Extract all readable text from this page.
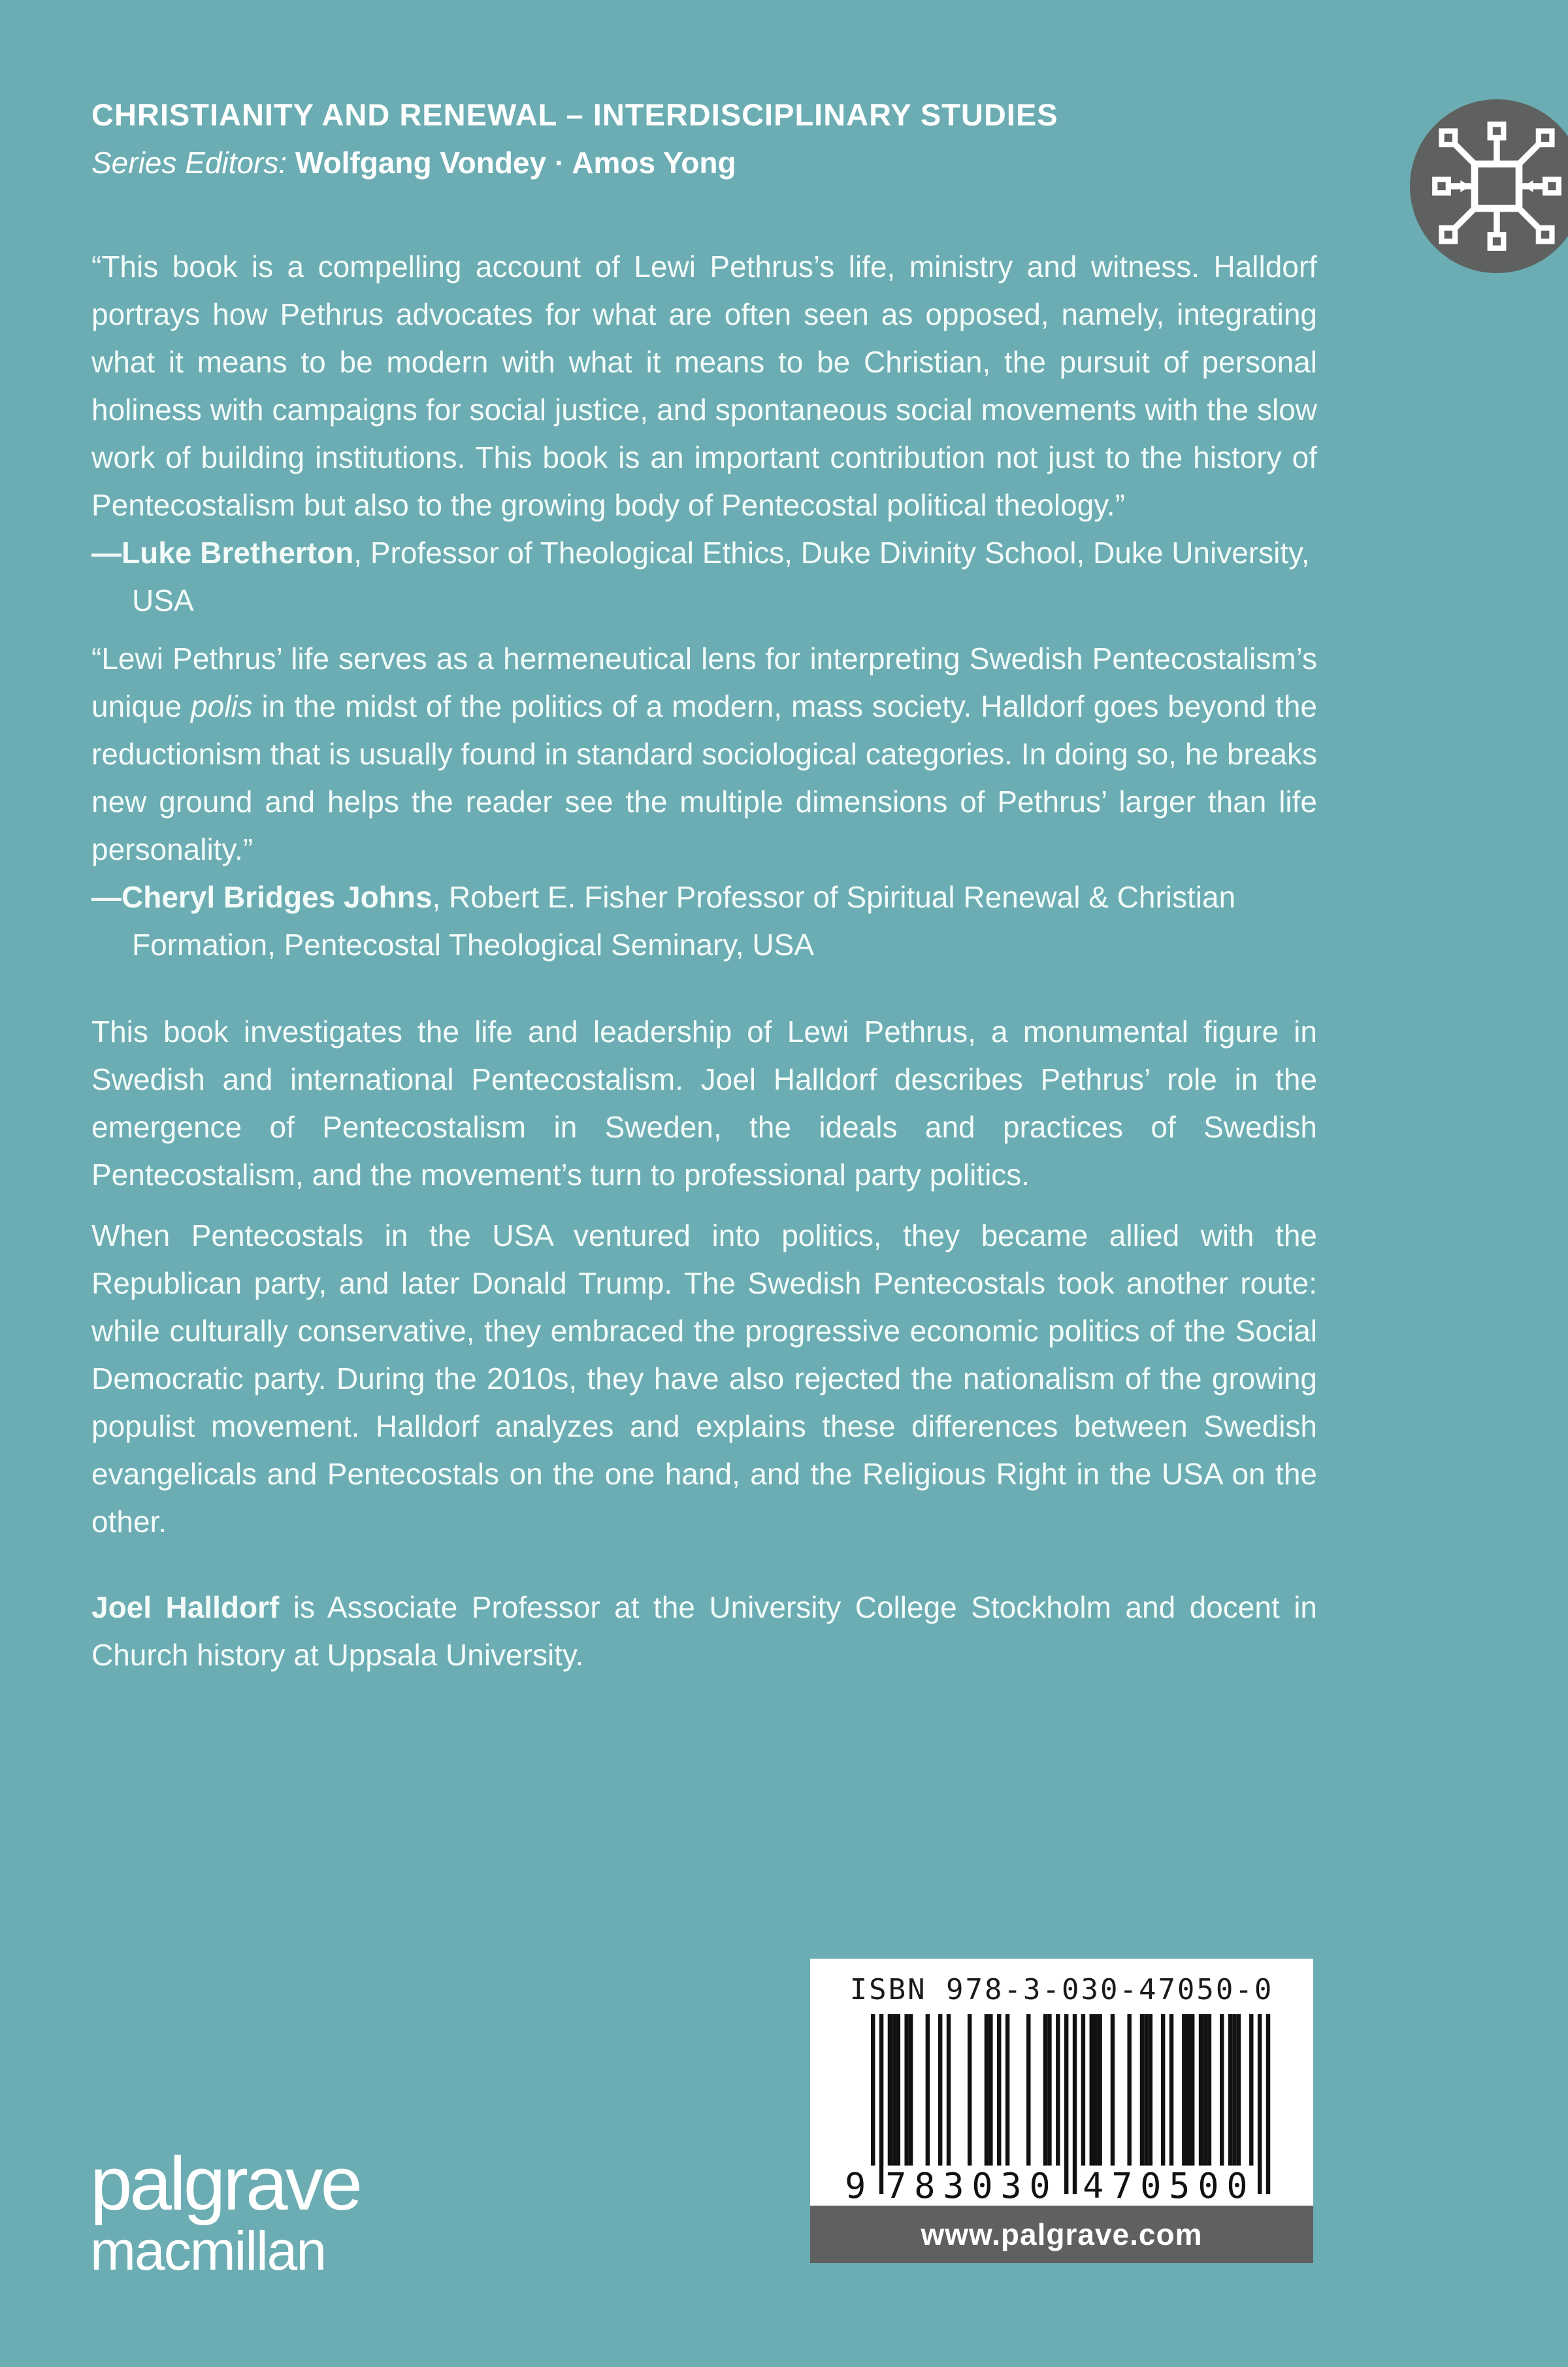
CHRISTIANITY AND RENEWAL – INTERDISCIPLINARY STUDIES

Series Editors: Wolfgang Vondey · Amos Yong

“This book is a compelling account of Lewi Pethrus’s life, ministry and witness. Halldorf portrays how Pethrus advocates for what are often seen as opposed, namely, integrating what it means to be modern with what it means to be Christian, the pursuit of personal holiness with campaigns for social justice, and spontaneous social movements with the slow work of building institutions. This book is an important contribution not just to the history of Pentecostalism but also to the growing body of Pentecostal political theology.”

—Luke Bretherton, Professor of Theological Ethics, Duke Divinity School, Duke University, USA

“Lewi Pethrus’ life serves as a hermeneutical lens for interpreting Swedish Pentecostalism’s unique polis in the midst of the politics of a modern, mass society. Halldorf goes beyond the reductionism that is usually found in standard sociological categories. In doing so, he breaks new ground and helps the reader see the multiple dimensions of Pethrus’ larger than life personality.”

—Cheryl Bridges Johns, Robert E. Fisher Professor of Spiritual Renewal & Christian Formation, Pentecostal Theological Seminary, USA

This book investigates the life and leadership of Lewi Pethrus, a monumental figure in Swedish and international Pentecostalism. Joel Halldorf describes Pethrus’ role in the emergence of Pentecostalism in Sweden, the ideals and practices of Swedish Pentecostalism, and the movement’s turn to professional party politics.

When Pentecostals in the USA ventured into politics, they became allied with the Republican party, and later Donald Trump. The Swedish Pentecostals took another route: while culturally conservative, they embraced the progressive economic politics of the Social Democratic party. During the 2010s, they have also rejected the nationalism of the growing populist movement. Halldorf analyzes and explains these differences between Swedish evangelicals and Pentecostals on the one hand, and the Religious Right in the USA on the other.

Joel Halldorf is Associate Professor at the University College Stockholm and docent in Church history at Uppsala University.

palgrave
macmillan
ISBN 978-3-030-47050-0
9 783030 470500
www.palgrave.com
